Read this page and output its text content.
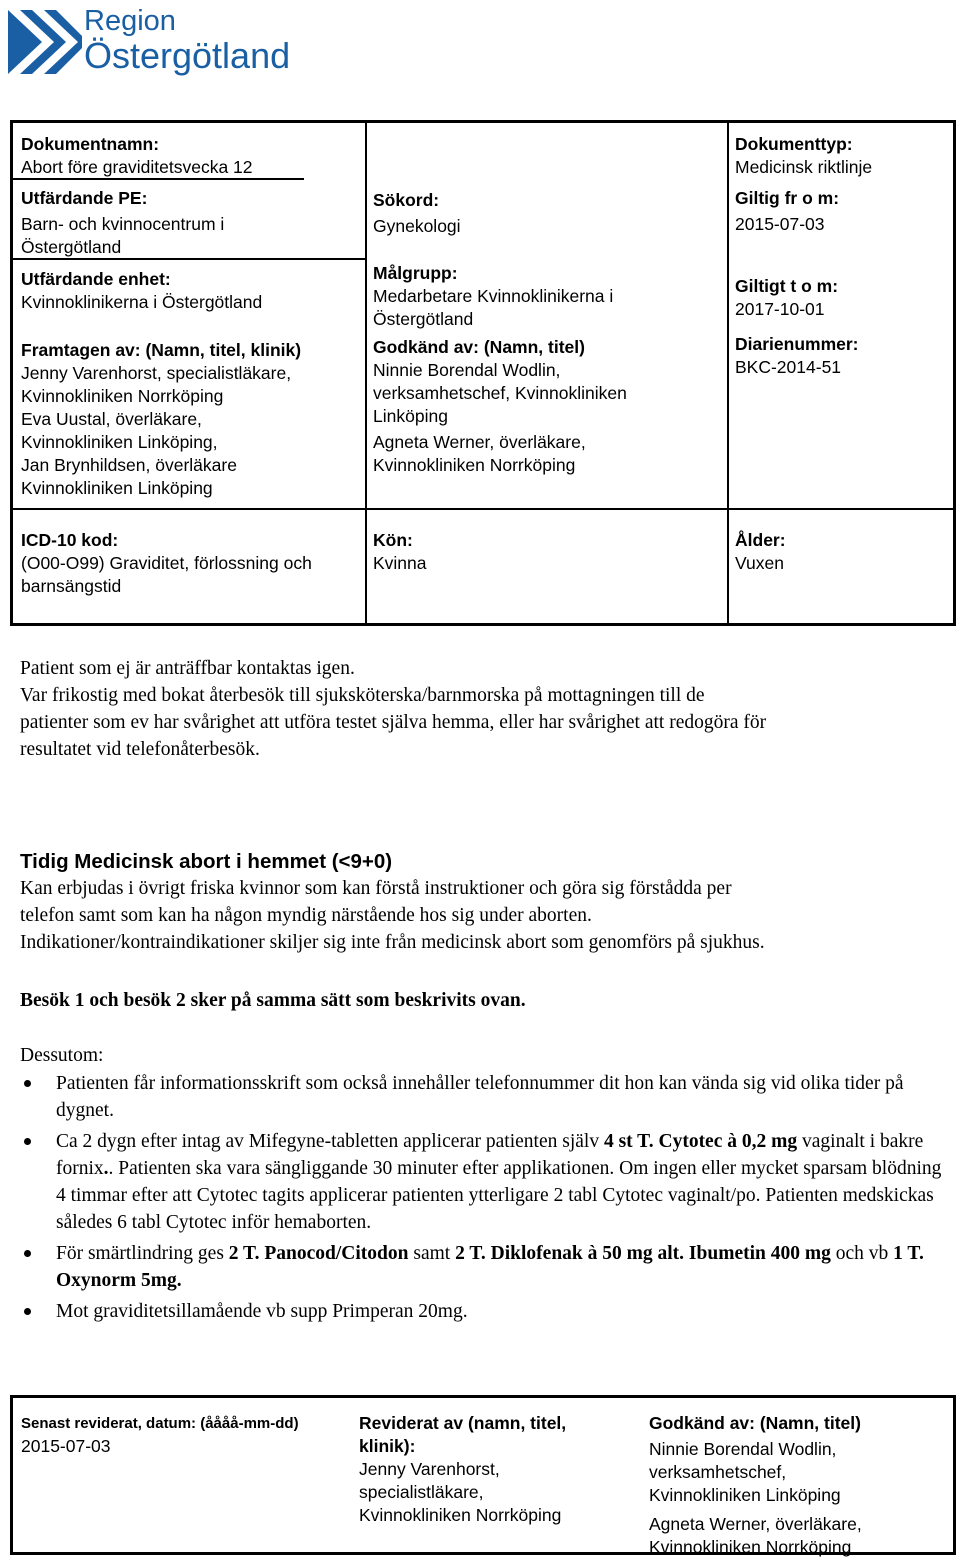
Region
Östergötland
Dokumentnamn:
Abort före graviditetsvecka 12
Utfärdande PE:
Barn- och kvinnocentrum i
Östergötland
Utfärdande enhet:
Kvinnoklinikerna i Östergötland
Framtagen av: (Namn, titel, klinik)
Jenny Varenhorst, specialistläkare,
Kvinnokliniken Norrköping
Eva Uustal, överläkare,
Kvinnokliniken Linköping,
Jan Brynhildsen, överläkare
Kvinnokliniken Linköping
Sökord:
Gynekologi
Målgrupp:
Medarbetare Kvinnoklinikerna i
Östergötland
Godkänd av: (Namn, titel)
Ninnie Borendal Wodlin,
verksamhetschef, Kvinnokliniken
Linköping
Agneta Werner, överläkare,
Kvinnokliniken Norrköping
Dokumenttyp:
Medicinsk riktlinje
Giltig fr o m:
2015-07-03
Giltigt t o m:
2017-10-01
Diarienummer:
BKC-2014-51
ICD-10 kod:
(O00-O99) Graviditet, förlossning och
barnsängstid
Kön:
Kvinna
Ålder:
Vuxen
Patient som ej är anträffbar kontaktas igen.
Var frikostig med bokat återbesök till sjuksköterska/barnmorska på mottagningen till de
patienter som ev har svårighet att utföra testet själva hemma, eller har svårighet att redogöra för
resultatet vid telefonåterbesök.
Tidig Medicinsk abort i hemmet (<9+0)
Kan erbjudas i övrigt friska kvinnor som kan förstå instruktioner och göra sig förstådda per
telefon samt som kan ha någon myndig närstående hos sig under aborten.
Indikationer/kontraindikationer skiljer sig inte från medicinsk abort som genomförs på sjukhus.
Besök 1 och besök 2 sker på samma sätt som beskrivits ovan.
Dessutom:
Patienten får informationsskrift som också innehåller telefonnummer dit hon kan vända sig vid olika tider på dygnet.
Ca 2 dygn efter intag av Mifegyne-tabletten applicerar patienten själv 4 st T. Cytotec à 0,2 mg vaginalt i bakre fornix.. Patienten ska vara sängliggande 30 minuter efter applikationen. Om ingen eller mycket sparsam blödning 4 timmar efter att Cytotec tagits applicerar patienten ytterligare 2 tabl Cytotec vaginalt/po. Patienten medskickas således 6 tabl Cytotec inför hemaborten.
För smärtlindring ges 2 T. Panocod/Citodon samt 2 T. Diklofenak à 50 mg alt. Ibumetin 400 mg och vb 1 T. Oxynorm 5mg.
Mot graviditetsillamående vb supp Primperan 20mg.
Senast reviderat, datum: (åååå-mm-dd)
2015-07-03
Reviderat av (namn, titel,
klinik):
Jenny Varenhorst,
specialistläkare,
Kvinnokliniken Norrköping
Godkänd av: (Namn, titel)
Ninnie Borendal Wodlin,
verksamhetschef,
Kvinnokliniken Linköping
Agneta Werner, överläkare,
Kvinnokliniken Norrköping
